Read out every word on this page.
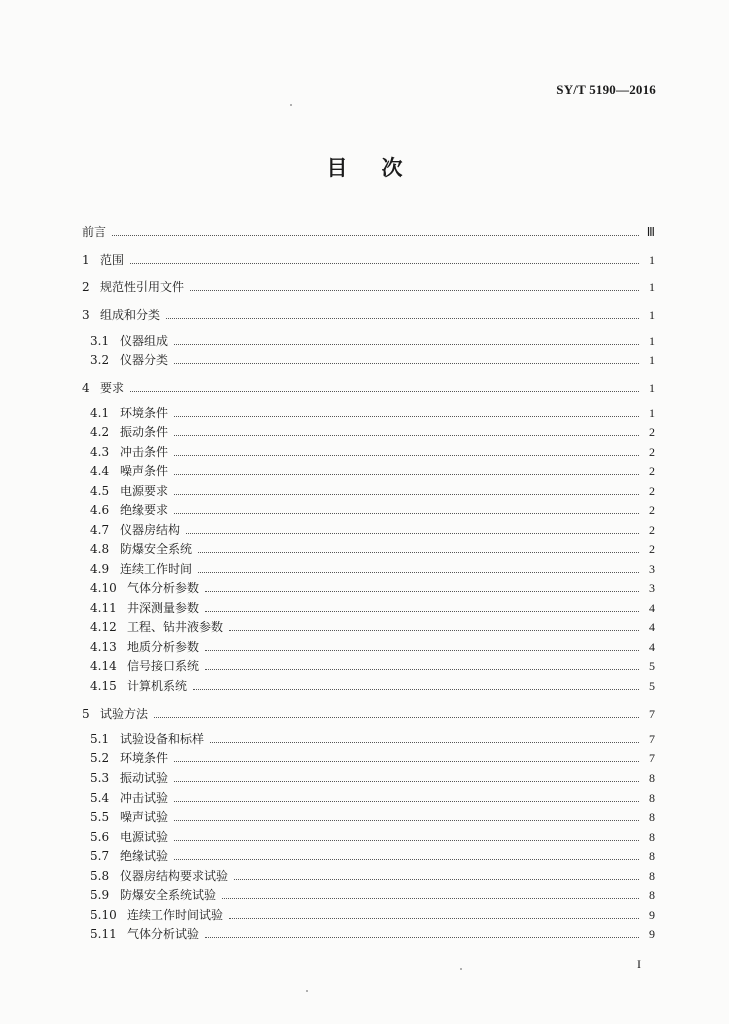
SY/T 5190—2016
目 次
前言	Ⅲ
1 范围	1
2 规范性引用文件	1
3 组成和分类	1
3.1 仪器组成	1
3.2 仪器分类	1
4 要求	1
4.1 环境条件	1
4.2 振动条件	2
4.3 冲击条件	2
4.4 噪声条件	2
4.5 电源要求	2
4.6 绝缘要求	2
4.7 仪器房结构	2
4.8 防爆安全系统	2
4.9 连续工作时间	3
4.10 气体分析参数	3
4.11 井深测量参数	4
4.12 工程、钻井液参数	4
4.13 地质分析参数	4
4.14 信号接口系统	5
4.15 计算机系统	5
5 试验方法	7
5.1 试验设备和标样	7
5.2 环境条件	7
5.3 振动试验	8
5.4 冲击试验	8
5.5 噪声试验	8
5.6 电源试验	8
5.7 绝缘试验	8
5.8 仪器房结构要求试验	8
5.9 防爆安全系统试验	8
5.10 连续工作时间试验	9
5.11 气体分析试验	9
I
